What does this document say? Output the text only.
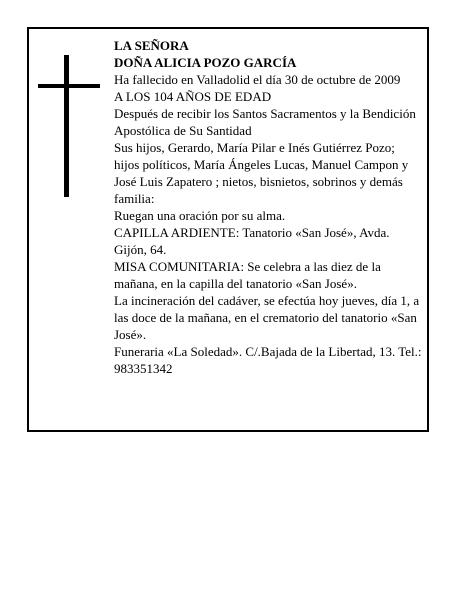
LA SEÑORA

DOÑA ALICIA POZO GARCÍA

Ha fallecido en Valladolid el día 30 de octubre de 2009

A LOS 104 AÑOS DE EDAD

Después de recibir los Santos Sacramentos y la Bendición Apostólica de Su Santidad

Sus hijos, Gerardo, María Pilar e Inés Gutiérrez Pozo; hijos políticos, María Ángeles Lucas, Manuel Campon y José Luis Zapatero ; nietos, bisnietos, sobrinos y demás familia:

Ruegan una oración por su alma.

CAPILLA ARDIENTE: Tanatorio «San José», Avda. Gijón, 64.

MISA COMUNITARIA: Se celebra a las diez de la mañana, en la capilla del tanatorio «San José».

La incineración del cadáver, se efectúa hoy jueves, día 1, a las doce de la mañana, en el crematorio del tanatorio «San José».

Funeraria «La Soledad». C/.Bajada de la Libertad, 13. Tel.: 983351342
